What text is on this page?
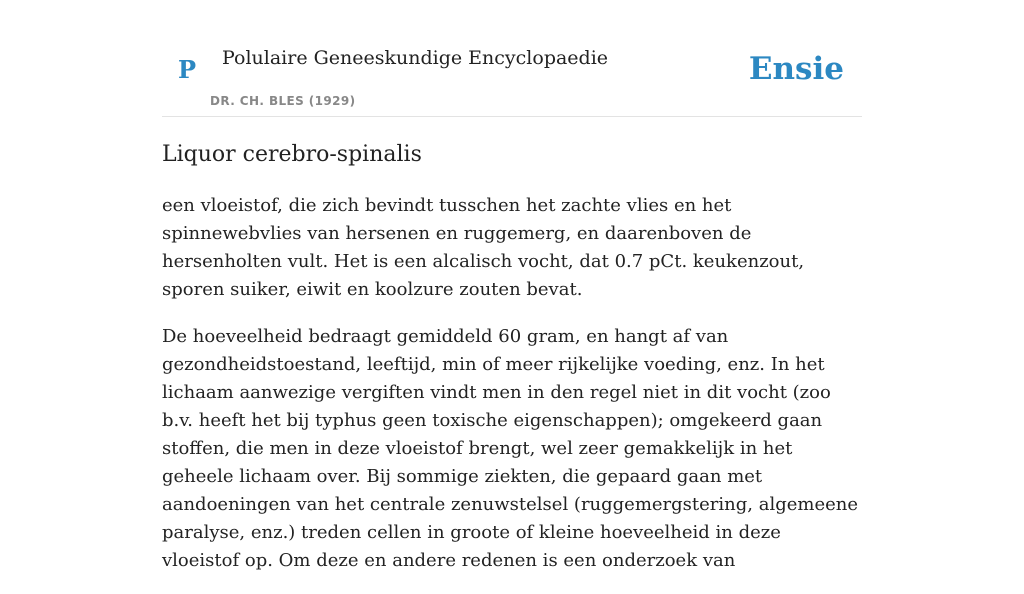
P Polulaire Geneeskundige Encyclopaedie
DR. CH. BLES (1929)
Ensie
Liquor cerebro-spinalis

een vloeistof, die zich bevindt tusschen het zachte vlies en het spinnewebvlies van hersenen en ruggemerg, en daarenboven de hersenholten vult. Het is een alcalisch vocht, dat 0.7 pCt. keukenzout, sporen suiker, eiwit en koolzure zouten bevat.

De hoeveelheid bedraagt gemiddeld 60 gram, en hangt af van gezondheidstoestand, leeftijd, min of meer rijkelijke voeding, enz. In het lichaam aanwezige vergiften vindt men in den regel niet in dit vocht (zoo b.v. heeft het bij typhus geen toxische eigenschappen); omgekeerd gaan stoffen, die men in deze vloeistof brengt, wel zeer gemakkelijk in het geheele lichaam over. Bij sommige ziekten, die gepaard gaan met aandoeningen van het centrale zenuwstelsel (ruggemergstering, algemeene paralyse, enz.) treden cellen in groote of kleine hoeveelheid in deze vloeistof op. Om deze en andere redenen is een onderzoek van
